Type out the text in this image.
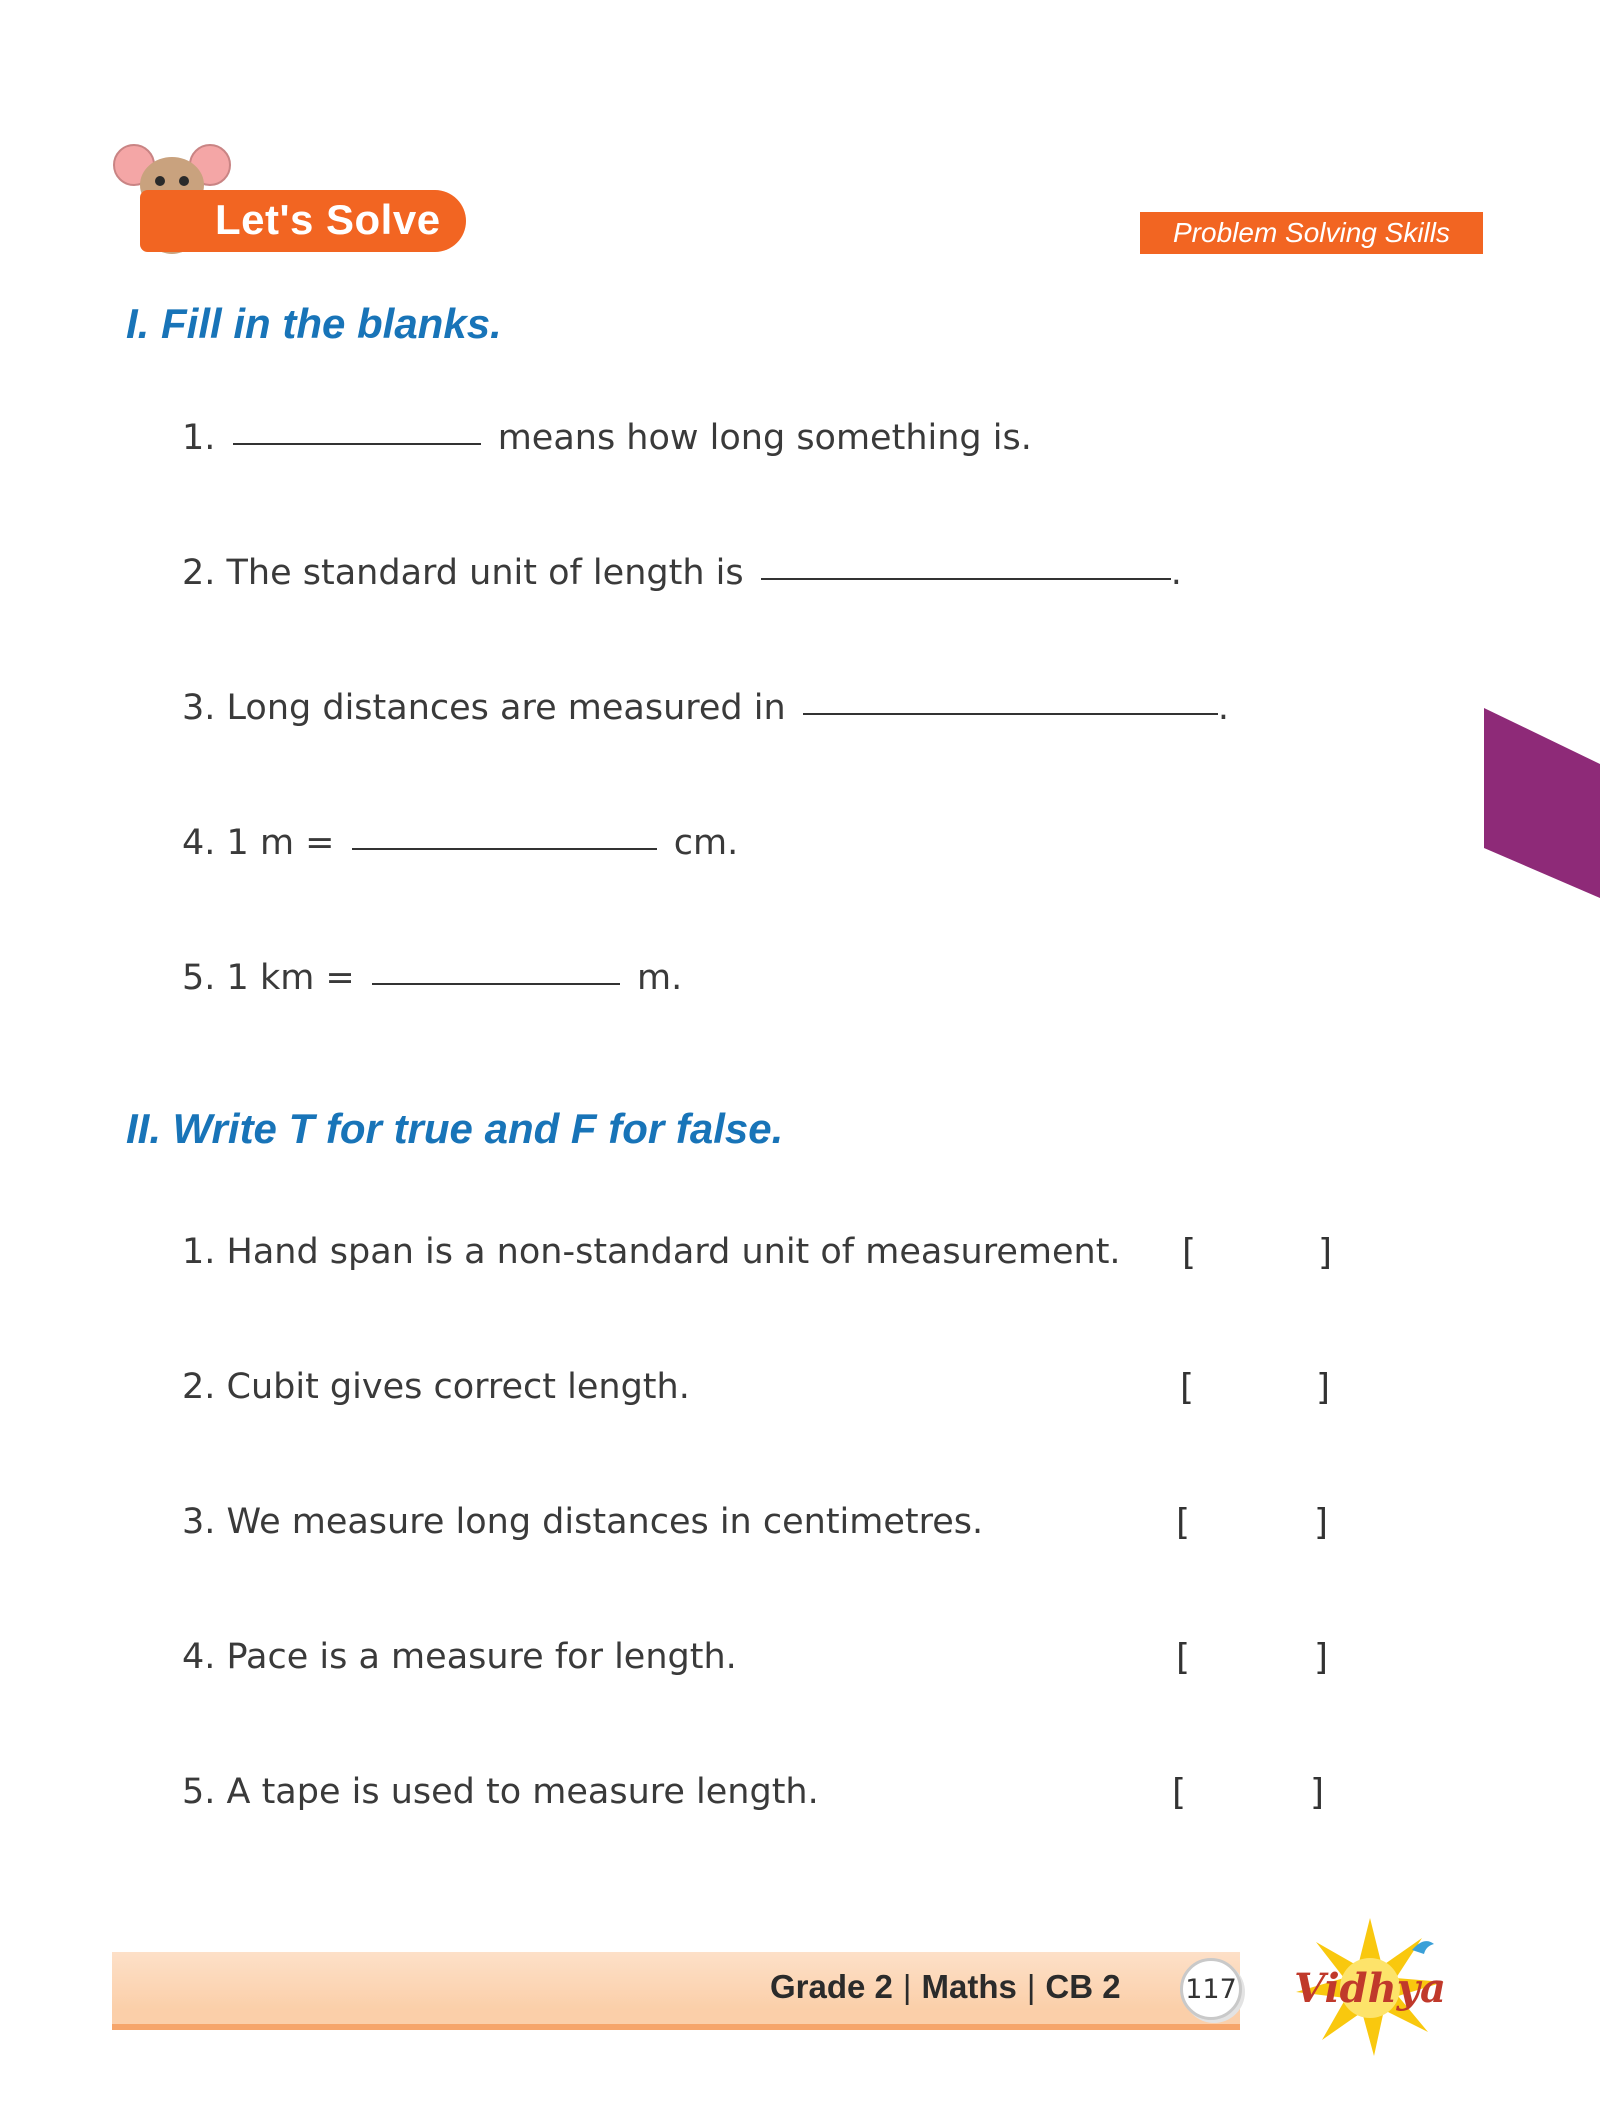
Let's Solve	Problem Solving Skills
I. Fill in the blanks.
1.	means how long something is.
2. The standard unit of length is	.
3. Long distances are measured in	.
4. 1 m =	cm.
5. 1 km =	m.
II. Write T for true and F for false.
1. Hand span is a non-standard unit of measurement. [	]
2. Cubit gives correct length.	[	]
3. We measure long distances in centimetres.	[	]
4. Pace is a measure for length.	[	]
5. A tape is used to measure length.	[	]
Grade 2 | Maths | CB 2 117 Vidhya
